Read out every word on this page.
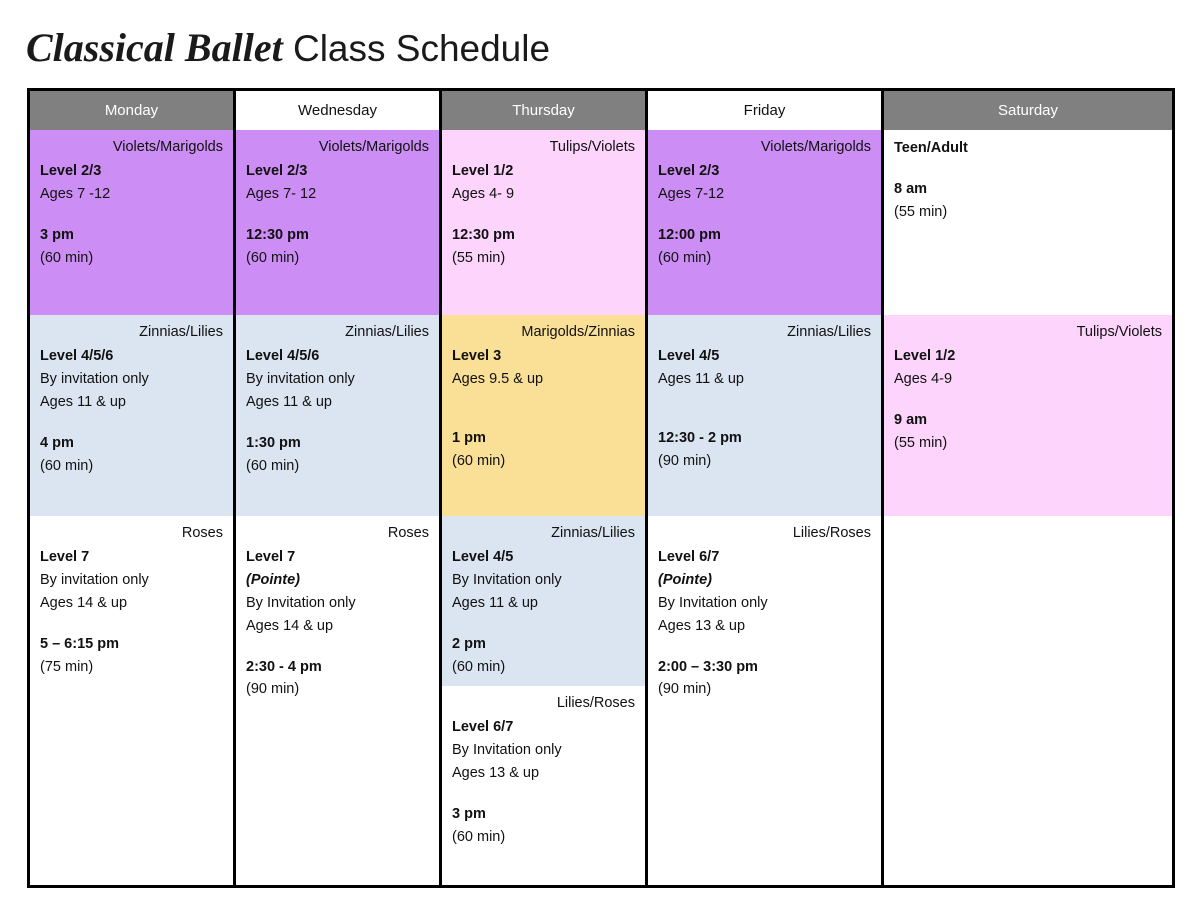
Classical Ballet Class Schedule
Monday
Violets/Marigolds
Level 2/3
Ages 7 -12
3 pm
(60 min)
Zinnias/Lilies
Level 4/5/6
By invitation only
Ages 11 & up
4 pm
(60 min)
Roses
Level 7
By invitation only
Ages 14 & up
5 – 6:15 pm
(75 min)
Wednesday
Violets/Marigolds
Level 2/3
Ages 7- 12
12:30 pm
(60 min)
Zinnias/Lilies
Level 4/5/6
By invitation only
Ages 11 & up
1:30 pm
(60 min)
Roses
Level 7
(Pointe)
By Invitation only
Ages 14 & up
2:30 - 4 pm
(90 min)
Thursday
Tulips/Violets
Level 1/2
Ages 4- 9
12:30 pm
(55 min)
Marigolds/Zinnias
Level 3
Ages 9.5 & up
1 pm
(60 min)
Zinnias/Lilies
Level 4/5
By Invitation only
Ages 11 & up
2 pm
(60 min)
Lilies/Roses
Level 6/7
By Invitation only
Ages 13 & up
3 pm
(60 min)
Friday
Violets/Marigolds
Level 2/3
Ages 7-12
12:00 pm
(60 min)
Zinnias/Lilies
Level 4/5
Ages 11 & up
12:30 - 2 pm
(90 min)
Lilies/Roses
Level 6/7
(Pointe)
By Invitation only
Ages 13 & up
2:00 – 3:30 pm
(90 min)
Saturday
Teen/Adult
8 am
(55 min)
Tulips/Violets
Level 1/2
Ages 4-9
9 am
(55 min)
